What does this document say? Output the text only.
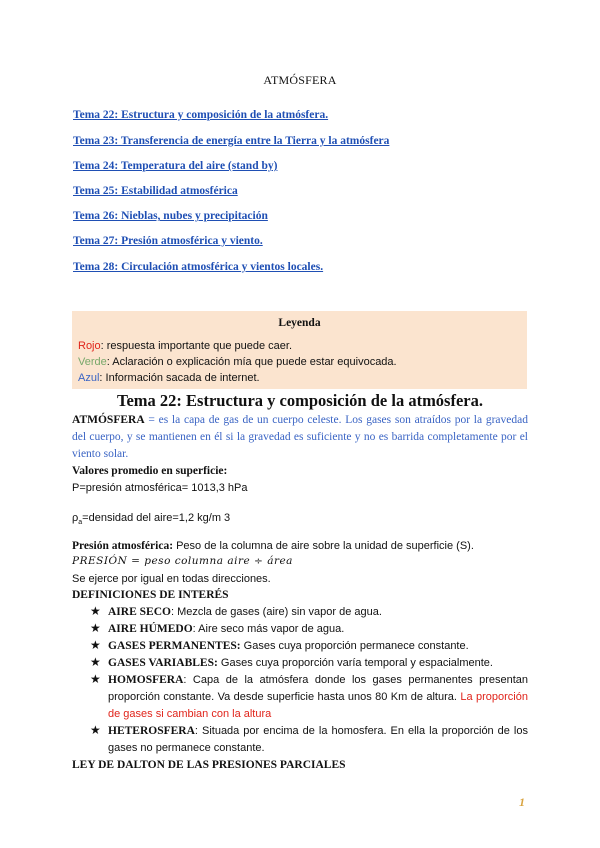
ATMÓSFERA
Tema 22: Estructura y composición de la atmósfera.
Tema 23: Transferencia de energía entre la Tierra y la atmósfera
Tema 24: Temperatura del aire (stand by)
Tema 25: Estabilidad atmosférica
Tema 26: Nieblas, nubes y precipitación
Tema 27: Presión atmosférica y viento.
Tema 28: Circulación atmosférica y vientos locales.
Leyenda
Rojo: respuesta importante que puede caer.
Verde: Aclaración o explicación mía que puede estar equivocada.
Azul: Información sacada de internet.
Tema 22: Estructura y composición de la atmósfera.
ATMÓSFERA = es la capa de gas de un cuerpo celeste. Los gases son atraídos por la gravedad del cuerpo, y se mantienen en él si la gravedad es suficiente y no es barrida completamente por el viento solar.
Valores promedio en superficie:
P=presión atmosférica= 1013,3 hPa
$\rho_a=densidad$ del aire=1,2 kg/m 3
Presión atmosférica: Peso de la columna de aire sobre la unidad de superficie (S).
PRESIÓN = peso columna aire ÷ área
Se ejerce por igual en todas direcciones.
DEFINICIONES DE INTERÉS
★ AIRE SECO: Mezcla de gases (aire) sin vapor de agua.
★ AIRE HÚMEDO: Aire seco más vapor de agua.
★ GASES PERMANENTES: Gases cuya proporción permanece constante.
★ GASES VARIABLES: Gases cuya proporción varía temporal y espacialmente.
★ HOMOSFERA: Capa de la atmósfera donde los gases permanentes presentan proporción constante. Va desde superficie hasta unos 80 Km de altura. La proporción de gases si cambian con la altura
★ HETEROSFERA: Situada por encima de la homosfera. En ella la proporción de los gases no permanece constante.
LEY DE DALTON DE LAS PRESIONES PARCIALES
1
